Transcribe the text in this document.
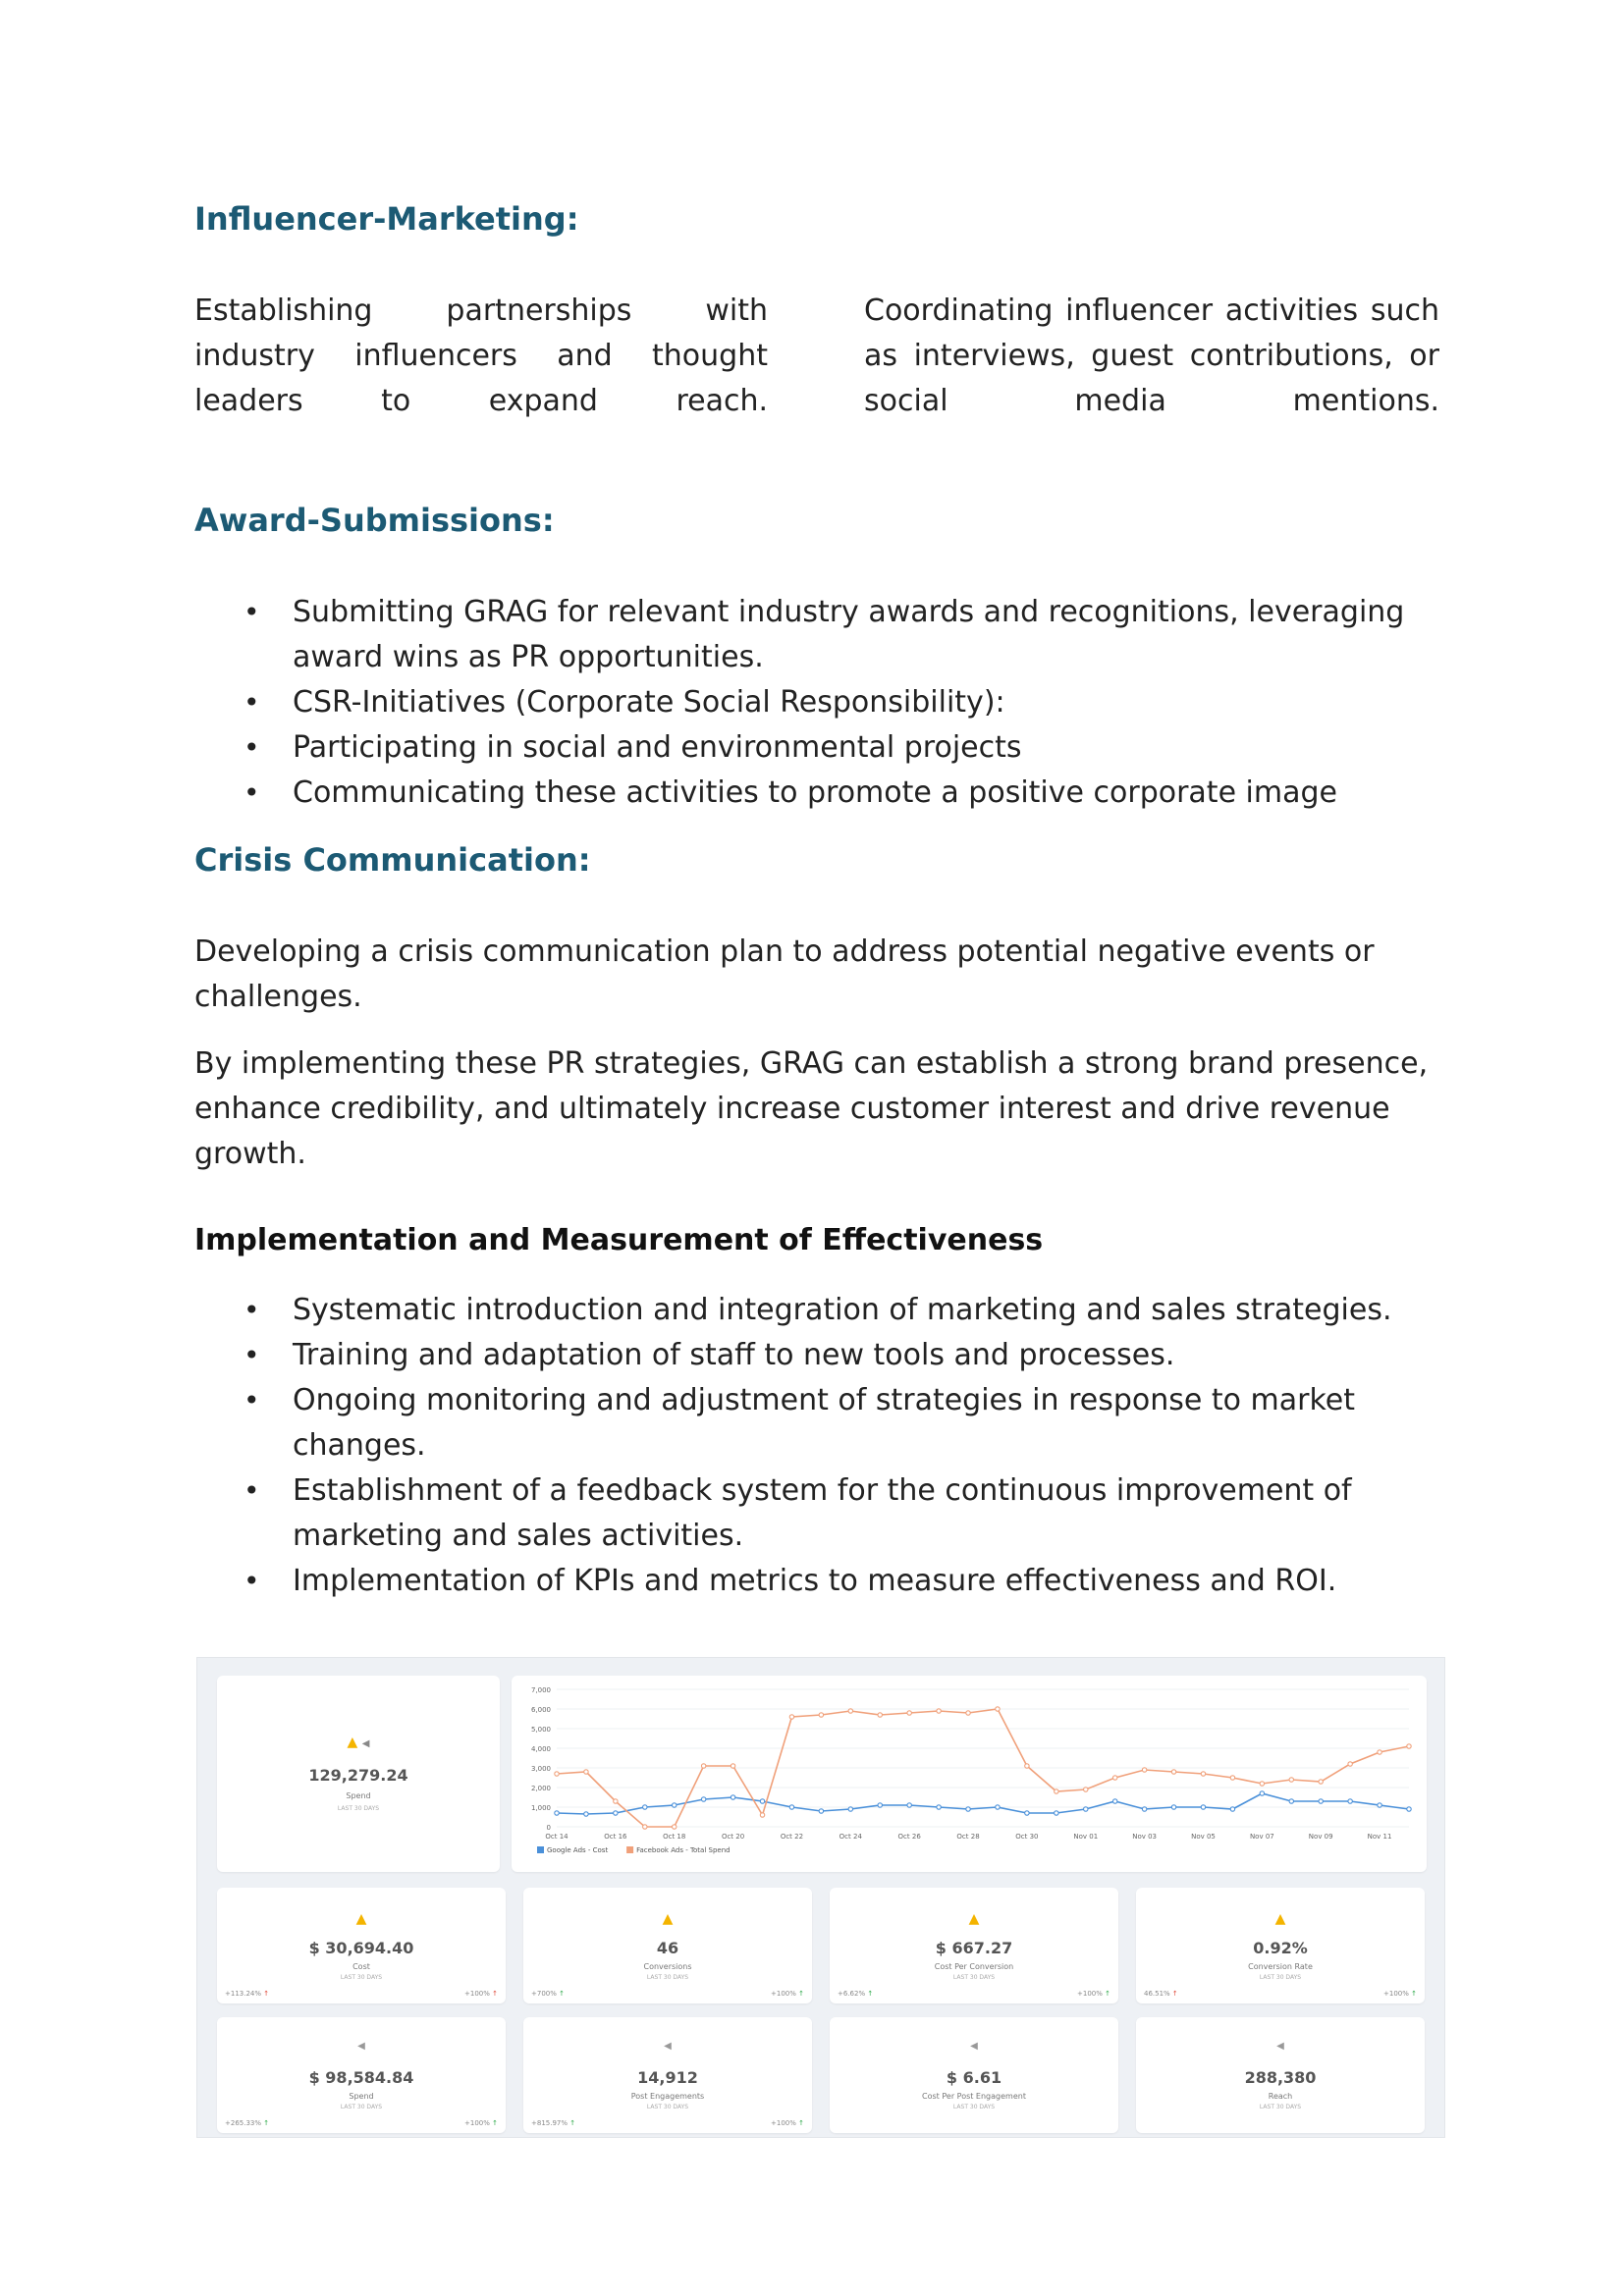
Influencer-Marketing:

Establishing partnerships with industry influencers and thought leaders to expand reach.

Coordinating influencer activities such as interviews, guest contributions, or social media mentions.

Award-Submissions:
• Submitting GRAG for relevant industry awards and recognitions, leveraging award wins as PR opportunities.
• CSR-Initiatives (Corporate Social Responsibility):
• Participating in social and environmental projects
• Communicating these activities to promote a positive corporate image
Crisis Communication:

Developing a crisis communication plan to address potential negative events or challenges.

By implementing these PR strategies, GRAG can establish a strong brand presence, enhance credibility, and ultimately increase customer interest and drive revenue growth.

Implementation and Measurement of Effectiveness
• Systematic introduction and integration of marketing and sales strategies.
• Training and adaptation of staff to new tools and processes.
• Ongoing monitoring and adjustment of strategies in response to market changes.
• Establishment of a feedback system for the continuous improvement of marketing and sales activities.
• Implementation of KPIs and metrics to measure effectiveness and ROI.
▲ ◀
129,279.24
Spend
LAST 30 DAYS
0
1,000
2,000
3,000
4,000
5,000
6,000
7,000
Oct 14	Oct 16	Oct 18	Oct 20	Oct 22	Oct 24	Oct 26	Oct 28	Oct 30	Nov 01	Nov 03	Nov 05	Nov 07	Nov 09	Nov 11
Google Ads - Cost	Facebook Ads - Total Spend
▲
$ 30,694.40
Cost
LAST 30 DAYS
+113.24% ↑	+100% ↑
▲
46
Conversions
LAST 30 DAYS
+700% ↑	+100% ↑
▲
$ 667.27
Cost Per Conversion
LAST 30 DAYS
+6.62% ↑	+100% ↑
▲
0.92%
Conversion Rate
LAST 30 DAYS
46.51% ↑	+100% ↑
◀
$ 98,584.84
Spend
LAST 30 DAYS
+265.33% ↑	+100% ↑
◀
14,912
Post Engagements
LAST 30 DAYS
+815.97% ↑	+100% ↑
◀
$ 6.61
Cost Per Post Engagement
LAST 30 DAYS
◀
288,380
Reach
LAST 30 DAYS
